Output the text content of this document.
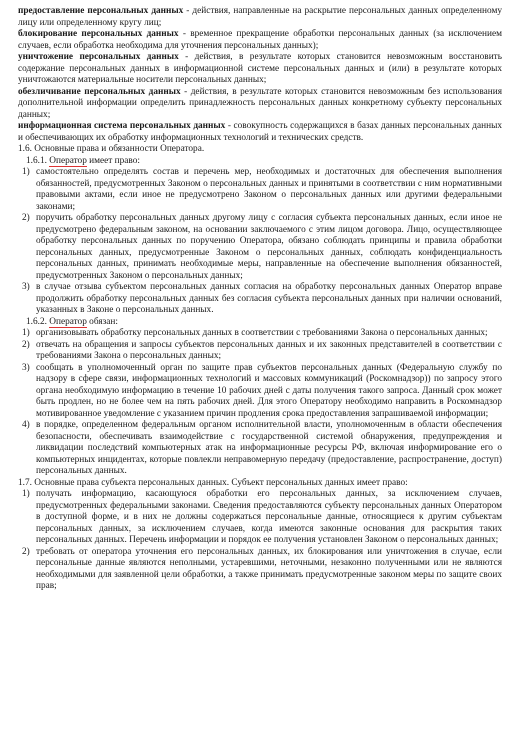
предоставление персональных данных - действия, направленные на раскрытие персональных данных определенному лицу или определенному кругу лиц;

блокирование персональных данных - временное прекращение обработки персональных данных (за исключением случаев, если обработка необходима для уточнения персональных данных);

уничтожение персональных данных - действия, в результате которых становится невозможным восстановить содержание персональных данных в информационной системе персональных данных и (или) в результате которых уничтожаются материальные носители персональных данных;

обезличивание персональных данных - действия, в результате которых становится невозможным без использования дополнительной информации определить принадлежность персональных данных конкретному субъекту персональных данных;

информационная система персональных данных - совокупность содержащихся в базах данных персональных данных и обеспечивающих их обработку информационных технологий и технических средств.

1.6. Основные права и обязанности Оператора.

1.6.1. Оператор имеет право:

1) самостоятельно определять состав и перечень мер, необходимых и достаточных для обеспечения выполнения обязанностей, предусмотренных Законом о персональных данных и принятыми в соответствии с ним нормативными правовыми актами, если иное не предусмотрено Законом о персональных данных или другими федеральными законами;
2) поручить обработку персональных данных другому лицу с согласия субъекта персональных данных, если иное не предусмотрено федеральным законом, на основании заключаемого с этим лицом договора. Лицо, осуществляющее обработку персональных данных по поручению Оператора, обязано соблюдать принципы и правила обработки персональных данных, предусмотренные Законом о персональных данных, соблюдать конфиденциальность персональных данных, принимать необходимые меры, направленные на обеспечение выполнения обязанностей, предусмотренных Законом о персональных данных;
3) в случае отзыва субъектом персональных данных согласия на обработку персональных данных Оператор вправе продолжить обработку персональных данных без согласия субъекта персональных данных при наличии оснований, указанных в Законе о персональных данных.

1.6.2. Оператор обязан:

1) организовывать обработку персональных данных в соответствии с требованиями Закона о персональных данных;
2) отвечать на обращения и запросы субъектов персональных данных и их законных представителей в соответствии с требованиями Закона о персональных данных;
3) сообщать в уполномоченный орган по защите прав субъектов персональных данных (Федеральную службу по надзору в сфере связи, информационных технологий и массовых коммуникаций (Роскомнадзор)) по запросу этого органа необходимую информацию в течение 10 рабочих дней с даты получения такого запроса. Данный срок может быть продлен, но не более чем на пять рабочих дней. Для этого Оператору необходимо направить в Роскомнадзор мотивированное уведомление с указанием причин продления срока предоставления запрашиваемой информации;
4) в порядке, определенном федеральным органом исполнительной власти, уполномоченным в области обеспечения безопасности, обеспечивать взаимодействие с государственной системой обнаружения, предупреждения и ликвидации последствий компьютерных атак на информационные ресурсы РФ, включая информирование его о компьютерных инцидентах, которые повлекли неправомерную передачу (предоставление, распространение, доступ) персональных данных.

1.7. Основные права субъекта персональных данных. Субъект персональных данных имеет право:

1) получать информацию, касающуюся обработки его персональных данных, за исключением случаев, предусмотренных федеральными законами. Сведения предоставляются субъекту персональных данных Оператором в доступной форме, и в них не должны содержаться персональные данные, относящиеся к другим субъектам персональных данных, за исключением случаев, когда имеются законные основания для раскрытия таких персональных данных. Перечень информации и порядок ее получения установлен Законом о персональных данных;
2) требовать от оператора уточнения его персональных данных, их блокирования или уничтожения в случае, если персональные данные являются неполными, устаревшими, неточными, незаконно полученными или не являются необходимыми для заявленной цели обработки, а также принимать предусмотренные законом меры по защите своих прав;
